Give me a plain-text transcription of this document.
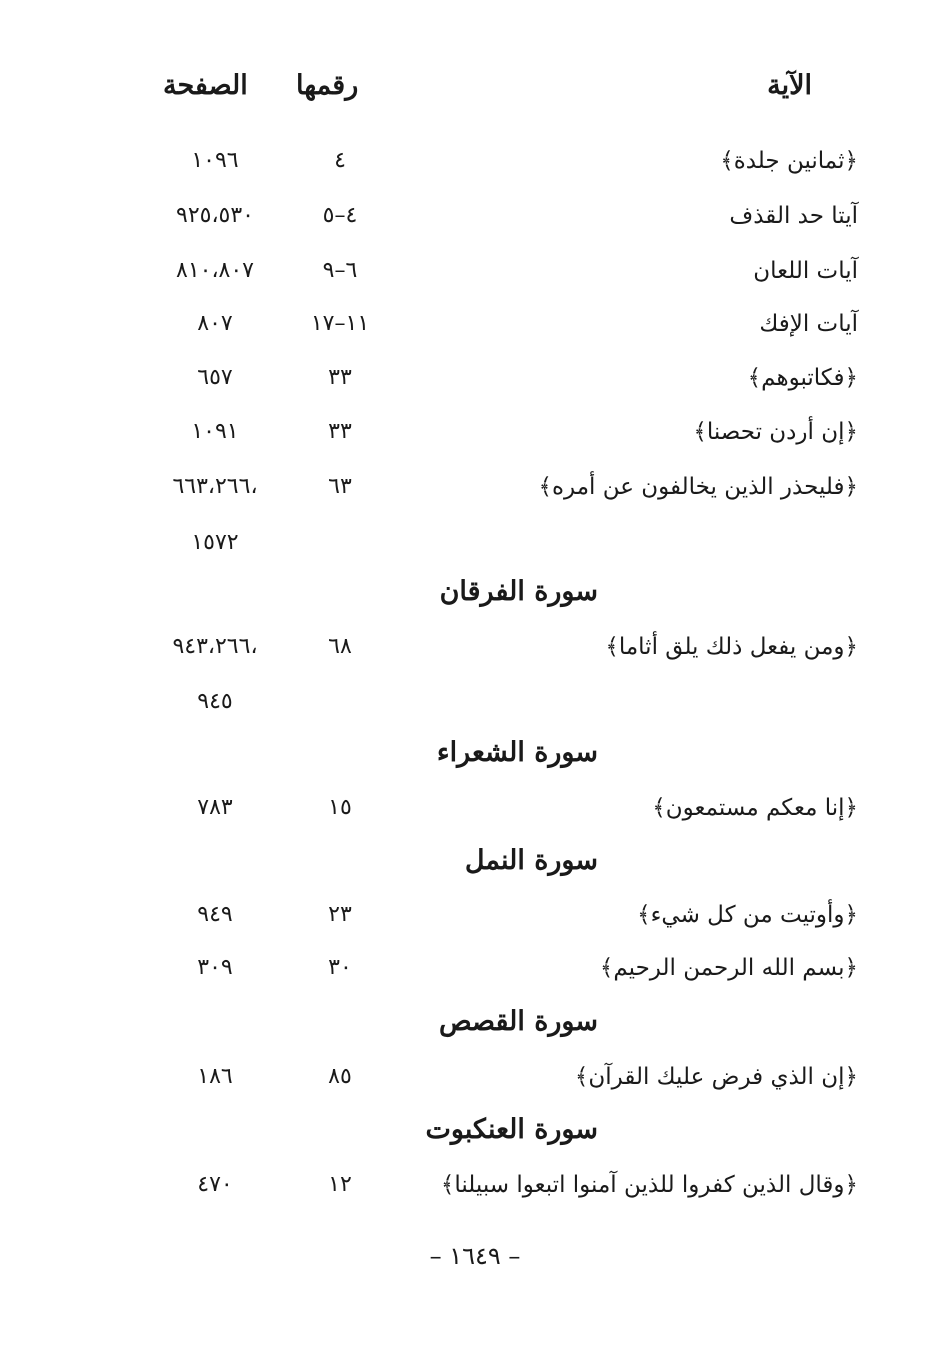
الآية
رقمها
الصفحة
﴿ثمانين جلدة﴾
٤
١٠٩٦
آيتا حد القذف
٤–٥
٩٢٥،٥٣٠
آيات اللعان
٦–٩
٨١٠،٨٠٧
آيات الإفك
١١–١٧
٨٠٧
﴿فكاتبوهم﴾
٣٣
٦٥٧
﴿إن أردن تحصنا﴾
٣٣
١٠٩١
﴿فليحذر الذين يخالفون عن أمره﴾
٦٣
٦٦٣،٢٦٦،
١٥٧٢
سورة الفرقان
﴿ومن يفعل ذلك يلق أثاما﴾
٦٨
٩٤٣،٢٦٦،
٩٤٥
سورة الشعراء
﴿إنا معكم مستمعون﴾
١٥
٧٨٣
سورة النمل
﴿وأوتيت من كل شيء﴾
٢٣
٩٤٩
﴿بسم الله الرحمن الرحيم﴾
٣٠
٣٠٩
سورة القصص
﴿إن الذي فرض عليك القرآن﴾
٨٥
١٨٦
سورة العنكبوت
﴿وقال الذين كفروا للذين آمنوا اتبعوا سبيلنا﴾
١٢
٤٧٠
– ١٦٤٩ –
